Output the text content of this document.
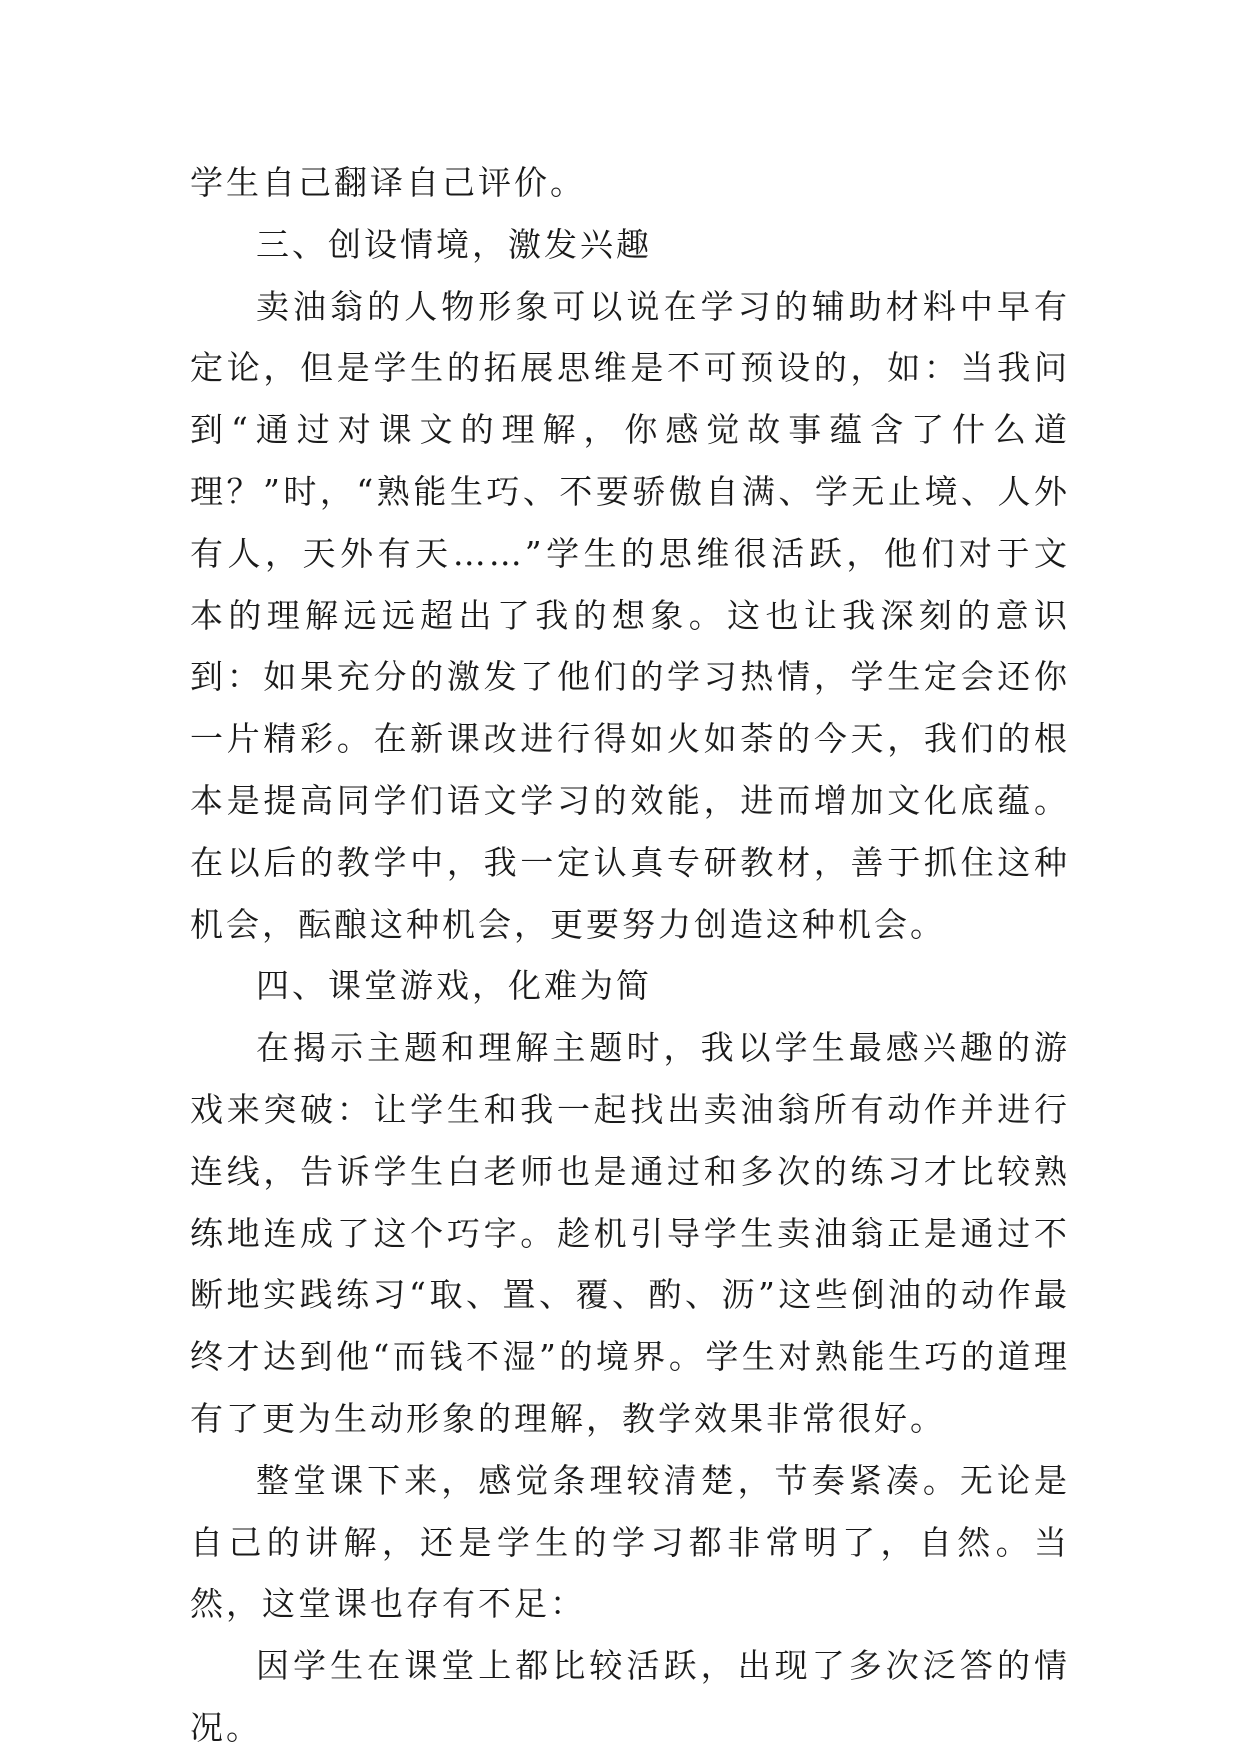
学生自己翻译自己评价。

三、创设情境，激发兴趣

卖油翁的人物形象可以说在学习的辅助材料中早有定论，但是学生的拓展思维是不可预设的，如：当我问到“通过对课文的理解，你感觉故事蕴含了什么道理？”时，“熟能生巧、不要骄傲自满、学无止境、人外有人，天外有天……”学生的思维很活跃，他们对于文本的理解远远超出了我的想象。这也让我深刻的意识到：如果充分的激发了他们的学习热情，学生定会还你一片精彩。在新课改进行得如火如荼的今天，我们的根本是提高同学们语文学习的效能，进而增加文化底蕴。在以后的教学中，我一定认真专研教材，善于抓住这种机会，酝酿这种机会，更要努力创造这种机会。

四、课堂游戏，化难为简

在揭示主题和理解主题时，我以学生最感兴趣的游戏来突破：让学生和我一起找出卖油翁所有动作并进行连线，告诉学生白老师也是通过和多次的练习才比较熟练地连成了这个巧字。趁机引导学生卖油翁正是通过不断地实践练习“取、置、覆、酌、沥”这些倒油的动作最终才达到他“而钱不湿”的境界。学生对熟能生巧的道理有了更为生动形象的理解，教学效果非常很好。

整堂课下来，感觉条理较清楚，节奏紧凑。无论是自己的讲解，还是学生的学习都非常明了，自然。当然，这堂课也存有不足：

因学生在课堂上都比较活跃，出现了多次泛答的情况。
